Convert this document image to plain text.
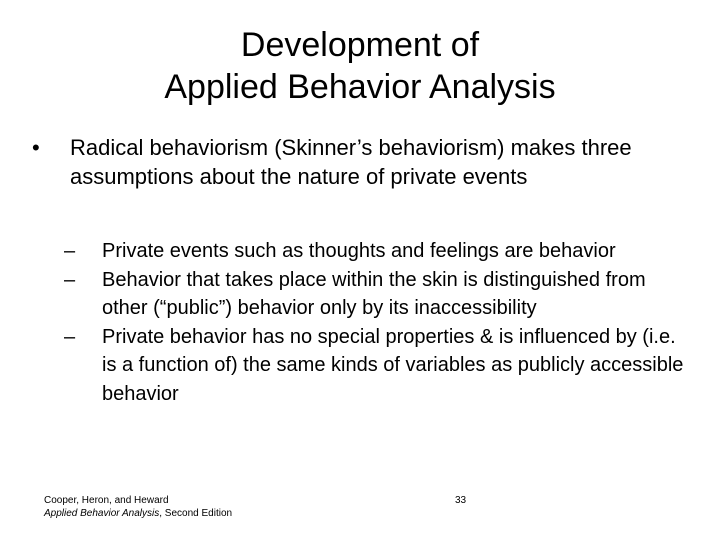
Development of
Applied Behavior Analysis
• Radical behaviorism (Skinner’s behaviorism) makes three assumptions about the nature of private events
– Private events such as thoughts and feelings are behavior
– Behavior that takes place within the skin is distinguished from other (“public”) behavior only by its inaccessibility
– Private behavior has no special properties & is influenced by (i.e. is a function of) the same kinds of variables as publicly accessible behavior
Cooper, Heron, and Heward
Applied Behavior Analysis, Second Edition
33
